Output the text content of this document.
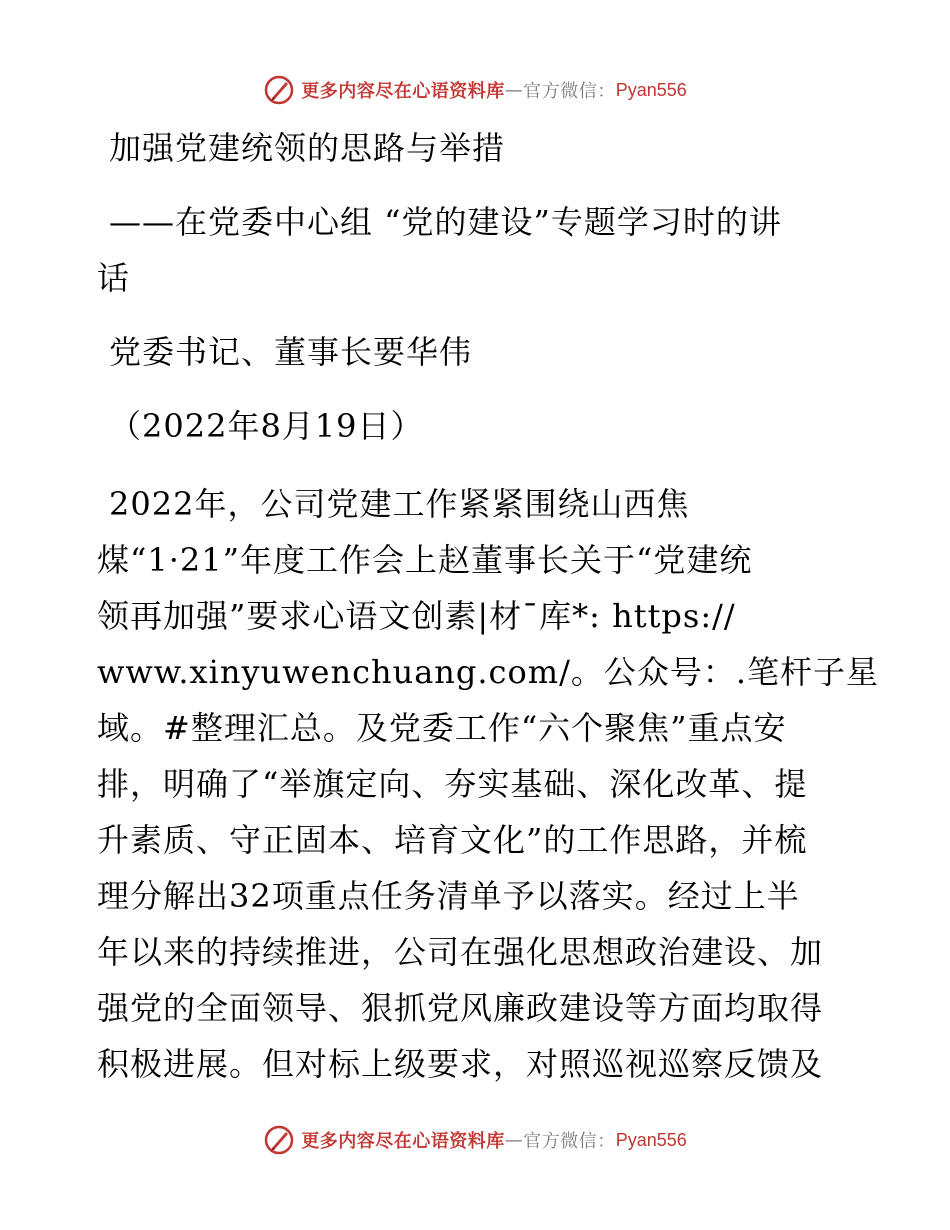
更多内容尽在心语资料库 — 官方微信： Pyan556
加强党建统领的思路与举措
——在党委中心组 “党的建设”专题学习时的讲
话
党委书记、董事长要华伟
（2022年8月19日）
2022年，公司党建工作紧紧围绕山西焦
煤“1·21”年度工作会上赵董事长关于“党建统
领再加强”要求心语文创素|材¯库*: https://
www.xinyuwenchuang.com/。公众号：.笔杆子星
域。#整理汇总。及党委工作“六个聚焦”重点安
排，明确了“举旗定向、夯实基础、深化改革、提
升素质、守正固本、培育文化”的工作思路，并梳
理分解出32项重点任务清单予以落实。经过上半
年以来的持续推进，公司在强化思想政治建设、加
强党的全面领导、狠抓党风廉政建设等方面均取得
积极进展。但对标上级要求，对照巡视巡察反馈及
更多内容尽在心语资料库 — 官方微信： Pyan556
